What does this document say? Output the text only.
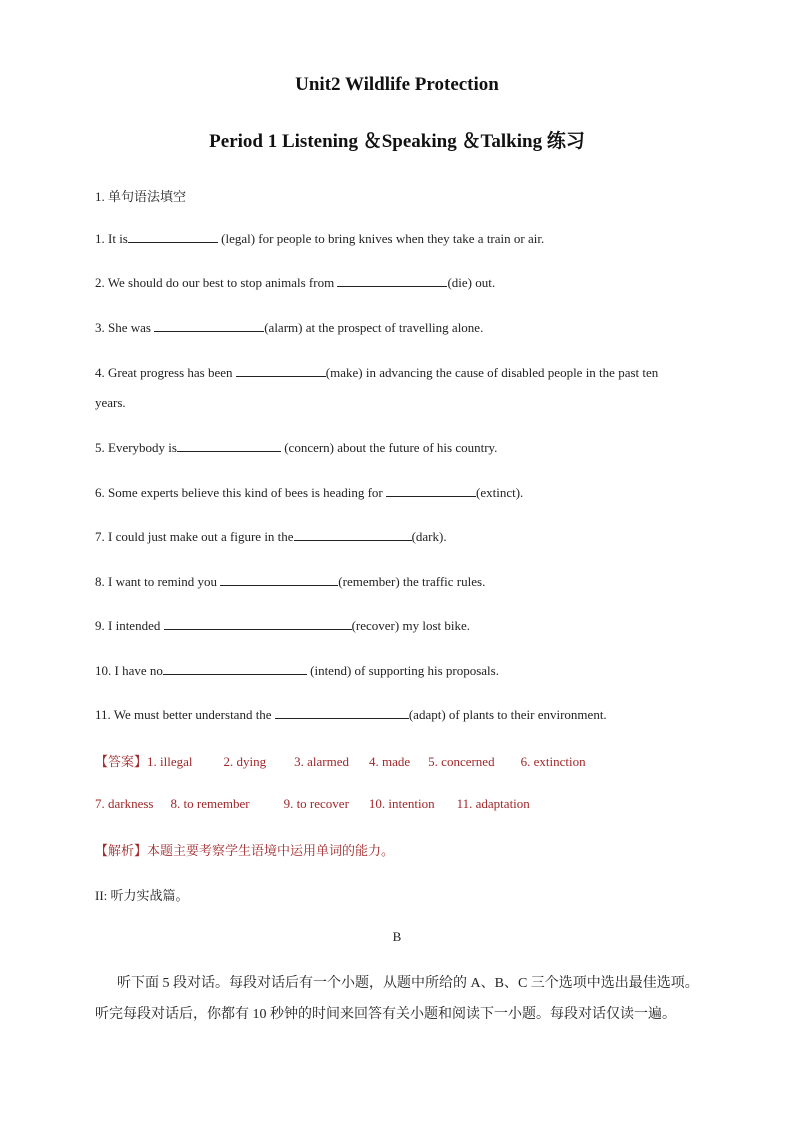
Unit2 Wildlife Protection
Period 1 Listening ＆Speaking ＆Talking 练习
1. 单句语法填空
1. It is	(legal) for people to bring knives when they take a train or air.
2. We should do our best to stop animals from	(die) out.
3. She was	(alarm) at the prospect of travelling alone.
4. Great progress has been	(make) in advancing the cause of disabled people in the past ten
years.
5. Everybody is	(concern) about the future of his country.
6. Some experts believe this kind of bees is heading for	(extinct).
7. I could just make out a figure in the	(dark).
8. I want to remind you	(remember) the traffic rules.
9. I intended	(recover) my lost bike.
10. I have no	(intend) of supporting his proposals.
11. We must better understand the	(adapt) of plants to their environment.
【答案】1. illegal 2. dying 3. alarmed 4. made 5. concerned 6. extinction
7. darkness 8. to remember	9. to recover 10. intention 11. adaptation
【解析】本题主要考察学生语境中运用单词的能力。
II: 听力实战篇。
B
听下面 5 段对话。每段对话后有一个小题，从题中所给的 A、B、C 三个选项中选出最佳选项。
听完每段对话后，你都有 10 秒钟的时间来回答有关小题和阅读下一小题。每段对话仅读一遍。
